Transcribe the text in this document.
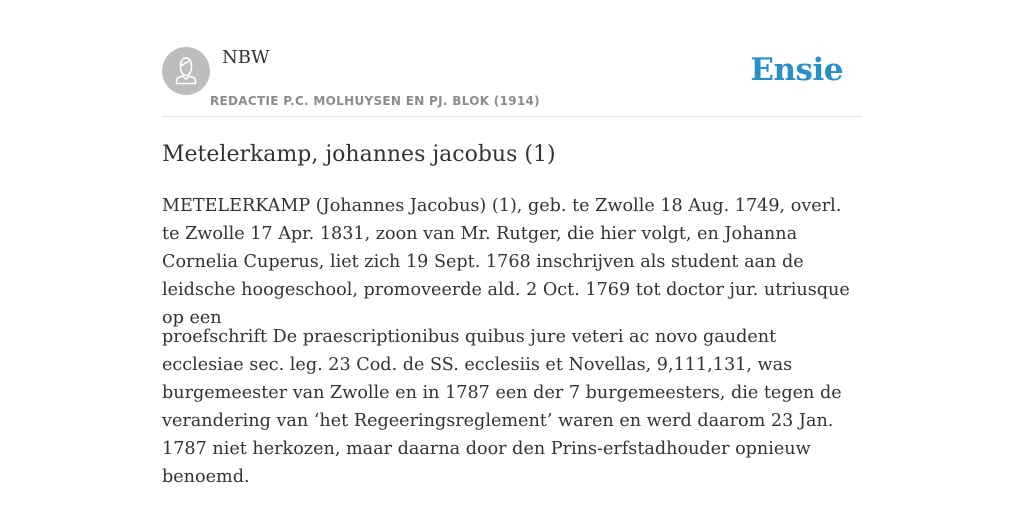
NBW
REDACTIE P.C. MOLHUYSEN EN PJ. BLOK (1914)
Ensie
Metelerkamp, johannes jacobus (1)

METELERKAMP (Johannes Jacobus) (1), geb. te Zwolle 18 Aug. 1749, overl. te Zwolle 17 Apr. 1831, zoon van Mr. Rutger, die hier volgt, en Johanna Cornelia Cuperus, liet zich 19 Sept. 1768 inschrijven als student aan de leidsche hoogeschool, promoveerde ald. 2 Oct. 1769 tot doctor jur. utriusque op een

proefschrift De praescriptionibus quibus jure veteri ac novo gaudent ecclesiae sec. leg. 23 Cod. de SS. ecclesiis et Novellas, 9,111,131, was burgemeester van Zwolle en in 1787 een der 7 burgemeesters, die tegen de verandering van ‘het Regeeringsreglement’ waren en werd daarom 23 Jan. 1787 niet herkozen, maar daarna door den Prins-erfstadhouder opnieuw benoemd.
